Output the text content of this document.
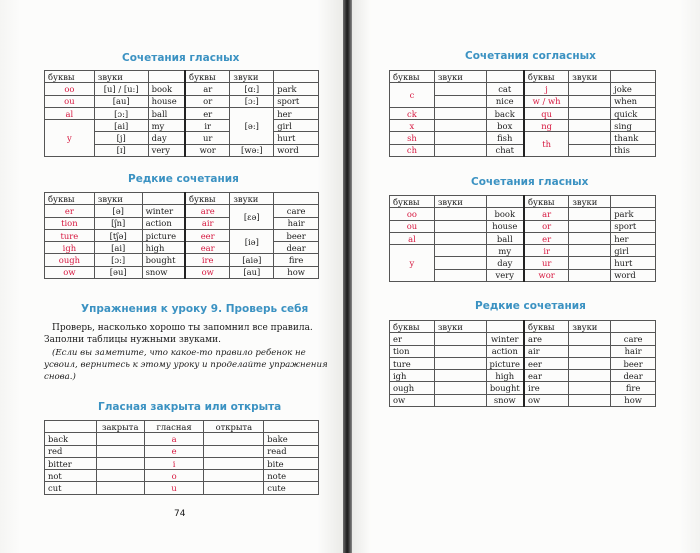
Сочетания гласных
буквы	звуки		буквы	звуки	
oo	[u] / [u:]	book	ar	[ɑ:]	park
ou	[au]	house	or	[ɔ:]	sport
al	[ɔ:]	ball	er	[ə:]	her
y	[ai]	my	ir		girl
	[j]	day	ur		hurt
	[ɪ]	very	wor	[wə:]	word
Редкие сочетания
буквы	звуки		буквы	звуки	
er	[ə]	winter	are	[ɛə]	care
tion	[ʃn]	action	air		hair
ture	[tʃə]	picture	eer	[iə]	beer
igh	[ai]	high	ear		dear
ough	[ɔ:]	bought	ire	[aiə]	fire
ow	[əu]	snow	ow	[au]	how
Упражнения к уроку 9. Проверь себя
Проверь, насколько хорошо ты запомнил все правила.
Заполни таблицы нужными звуками.
(Если вы заметите, что какое-то правило ребенок не
усвоил, вернитесь к этому уроку и проделайте упражнения
снова.)
Гласная закрыта или открыта
	закрыта	гласная	открыта	
back		a		bake
red		e		read
bitter		i		bite
not		o		note
cut		u		cute
74
Сочетания согласных
буквы	звуки		буквы	звуки	
c		cat	j		joke
		nice	w / wh		when
ck		back	qu		quick
x		box	ng		sing
sh		fish	th		thank
ch		chat			this
Сочетания гласных
буквы	звуки		буквы	звуки	
oo		book	ar		park
ou		house	or		sport
al		ball	er		her
y		my	ir		girl
		day	ur		hurt
		very	wor		word
Редкие сочетания
буквы	звуки		буквы	звуки	
er		winter	are		care
tion		action	air		hair
ture		picture	eer		beer
igh		high	ear		dear
ough		bought	ire		fire
ow		snow	ow		how
